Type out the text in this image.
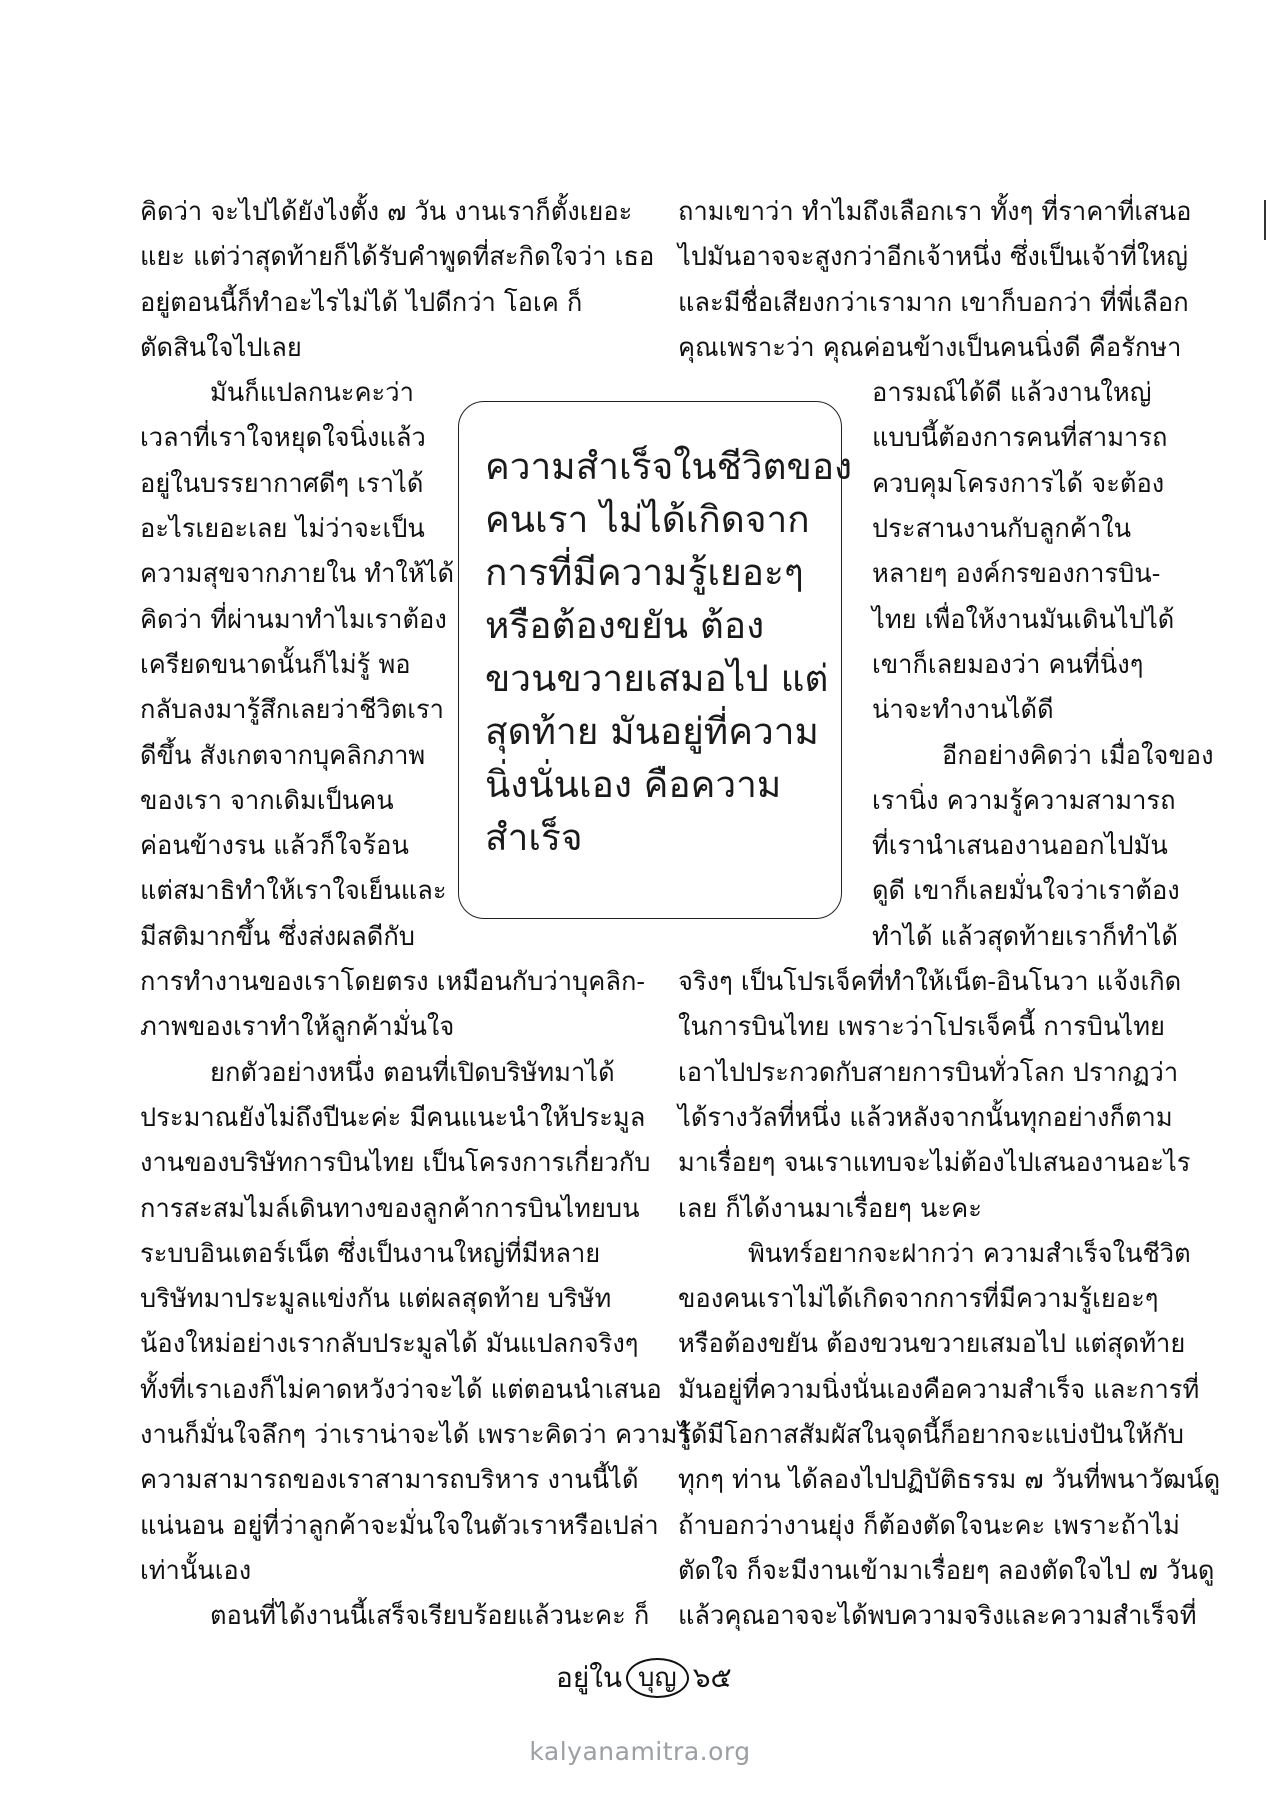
คิดว่า จะไปได้ยังไงตั้ง ๗ วัน งานเราก็ตั้งเยอะ
แยะ แต่ว่าสุดท้ายก็ได้รับคำพูดที่สะกิดใจว่า เธอ
อยู่ตอนนี้ก็ทำอะไรไม่ได้ ไปดีกว่า โอเค ก็
ตัดสินใจไปเลย
มันก็แปลกนะคะว่า
เวลาที่เราใจหยุดใจนิ่งแล้ว
อยู่ในบรรยากาศดีๆ เราได้
อะไรเยอะเลย ไม่ว่าจะเป็น
ความสุขจากภายใน ทำให้ได้
คิดว่า ที่ผ่านมาทำไมเราต้อง
เครียดขนาดนั้นก็ไม่รู้ พอ
กลับลงมารู้สึกเลยว่าชีวิตเรา
ดีขึ้น สังเกตจากบุคลิกภาพ
ของเรา จากเดิมเป็นคน
ค่อนข้างรน แล้วก็ใจร้อน
แต่สมาธิทำให้เราใจเย็นและ
มีสติมากขึ้น ซึ่งส่งผลดีกับ
การทำงานของเราโดยตรง เหมือนกับว่าบุคลิก-
ภาพของเราทำให้ลูกค้ามั่นใจ
ยกตัวอย่างหนึ่ง ตอนที่เปิดบริษัทมาได้
ประมาณยังไม่ถึงปีนะค่ะ มีคนแนะนำให้ประมูล
งานของบริษัทการบินไทย เป็นโครงการเกี่ยวกับ
การสะสมไมล์เดินทางของลูกค้าการบินไทยบน
ระบบอินเตอร์เน็ต ซึ่งเป็นงานใหญ่ที่มีหลาย
บริษัทมาประมูลแข่งกัน แต่ผลสุดท้าย บริษัท
น้องใหม่อย่างเรากลับประมูลได้ มันแปลกจริงๆ
ทั้งที่เราเองก็ไม่คาดหวังว่าจะได้ แต่ตอนนำเสนอ
งานก็มั่นใจลึกๆ ว่าเราน่าจะได้ เพราะคิดว่า ความรู้
ความสามารถของเราสามารถบริหาร งานนี้ได้
แน่นอน อยู่ที่ว่าลูกค้าจะมั่นใจในตัวเราหรือเปล่า
เท่านั้นเอง
ตอนที่ได้งานนี้เสร็จเรียบร้อยแล้วนะคะ ก็
ถามเขาว่า ทำไมถึงเลือกเรา ทั้งๆ ที่ราคาที่เสนอ
ไปมันอาจจะสูงกว่าอีกเจ้าหนึ่ง ซึ่งเป็นเจ้าที่ใหญ่
และมีชื่อเสียงกว่าเรามาก เขาก็บอกว่า ที่พี่เลือก
คุณเพราะว่า คุณค่อนข้างเป็นคนนิ่งดี คือรักษา
อารมณ์ได้ดี แล้วงานใหญ่
แบบนี้ต้องการคนที่สามารถ
ควบคุมโครงการได้ จะต้อง
ประสานงานกับลูกค้าใน
หลายๆ องค์กรของการบิน-
ไทย เพื่อให้งานมันเดินไปได้
เขาก็เลยมองว่า คนที่นิ่งๆ
น่าจะทำงานได้ดี
อีกอย่างคิดว่า เมื่อใจของ
เรานิ่ง ความรู้ความสามารถ
ที่เรานำเสนองานออกไปมัน
ดูดี เขาก็เลยมั่นใจว่าเราต้อง
ทำได้ แล้วสุดท้ายเราก็ทำได้
จริงๆ เป็นโปรเจ็คที่ทำให้เน็ต-อินโนวา แจ้งเกิด
ในการบินไทย เพราะว่าโปรเจ็คนี้ การบินไทย
เอาไปประกวดกับสายการบินทั่วโลก ปรากฏว่า
ได้รางวัลที่หนึ่ง แล้วหลังจากนั้นทุกอย่างก็ตาม
มาเรื่อยๆ จนเราแทบจะไม่ต้องไปเสนองานอะไร
เลย ก็ได้งานมาเรื่อยๆ นะคะ
พินทร์อยากจะฝากว่า ความสำเร็จในชีวิต
ของคนเราไม่ได้เกิดจากการที่มีความรู้เยอะๆ
หรือต้องขยัน ต้องขวนขวายเสมอไป แต่สุดท้าย
มันอยู่ที่ความนิ่งนั่นเองคือความสำเร็จ และการที่
ได้มีโอกาสสัมผัสในจุดนี้ก็อยากจะแบ่งปันให้กับ
ทุกๆ ท่าน ได้ลองไปปฏิบัติธรรม ๗ วันที่พนาวัฒน์ดู
ถ้าบอกว่างานยุ่ง ก็ต้องตัดใจนะคะ เพราะถ้าไม่
ตัดใจ ก็จะมีงานเข้ามาเรื่อยๆ ลองตัดใจไป ๗ วันดู
แล้วคุณอาจจะได้พบความจริงและความสำเร็จที่
ความสำเร็จในชีวิตของ
คนเรา ไม่ได้เกิดจาก
การที่มีความรู้เยอะๆ
หรือต้องขยัน ต้อง
ขวนขวายเสมอไป แต่
สุดท้าย มันอยู่ที่ความ
นิ่งนั่นเอง คือความ
สำเร็จ
อยู่ใน บุญ ๖๕
kalyanamitra.org
